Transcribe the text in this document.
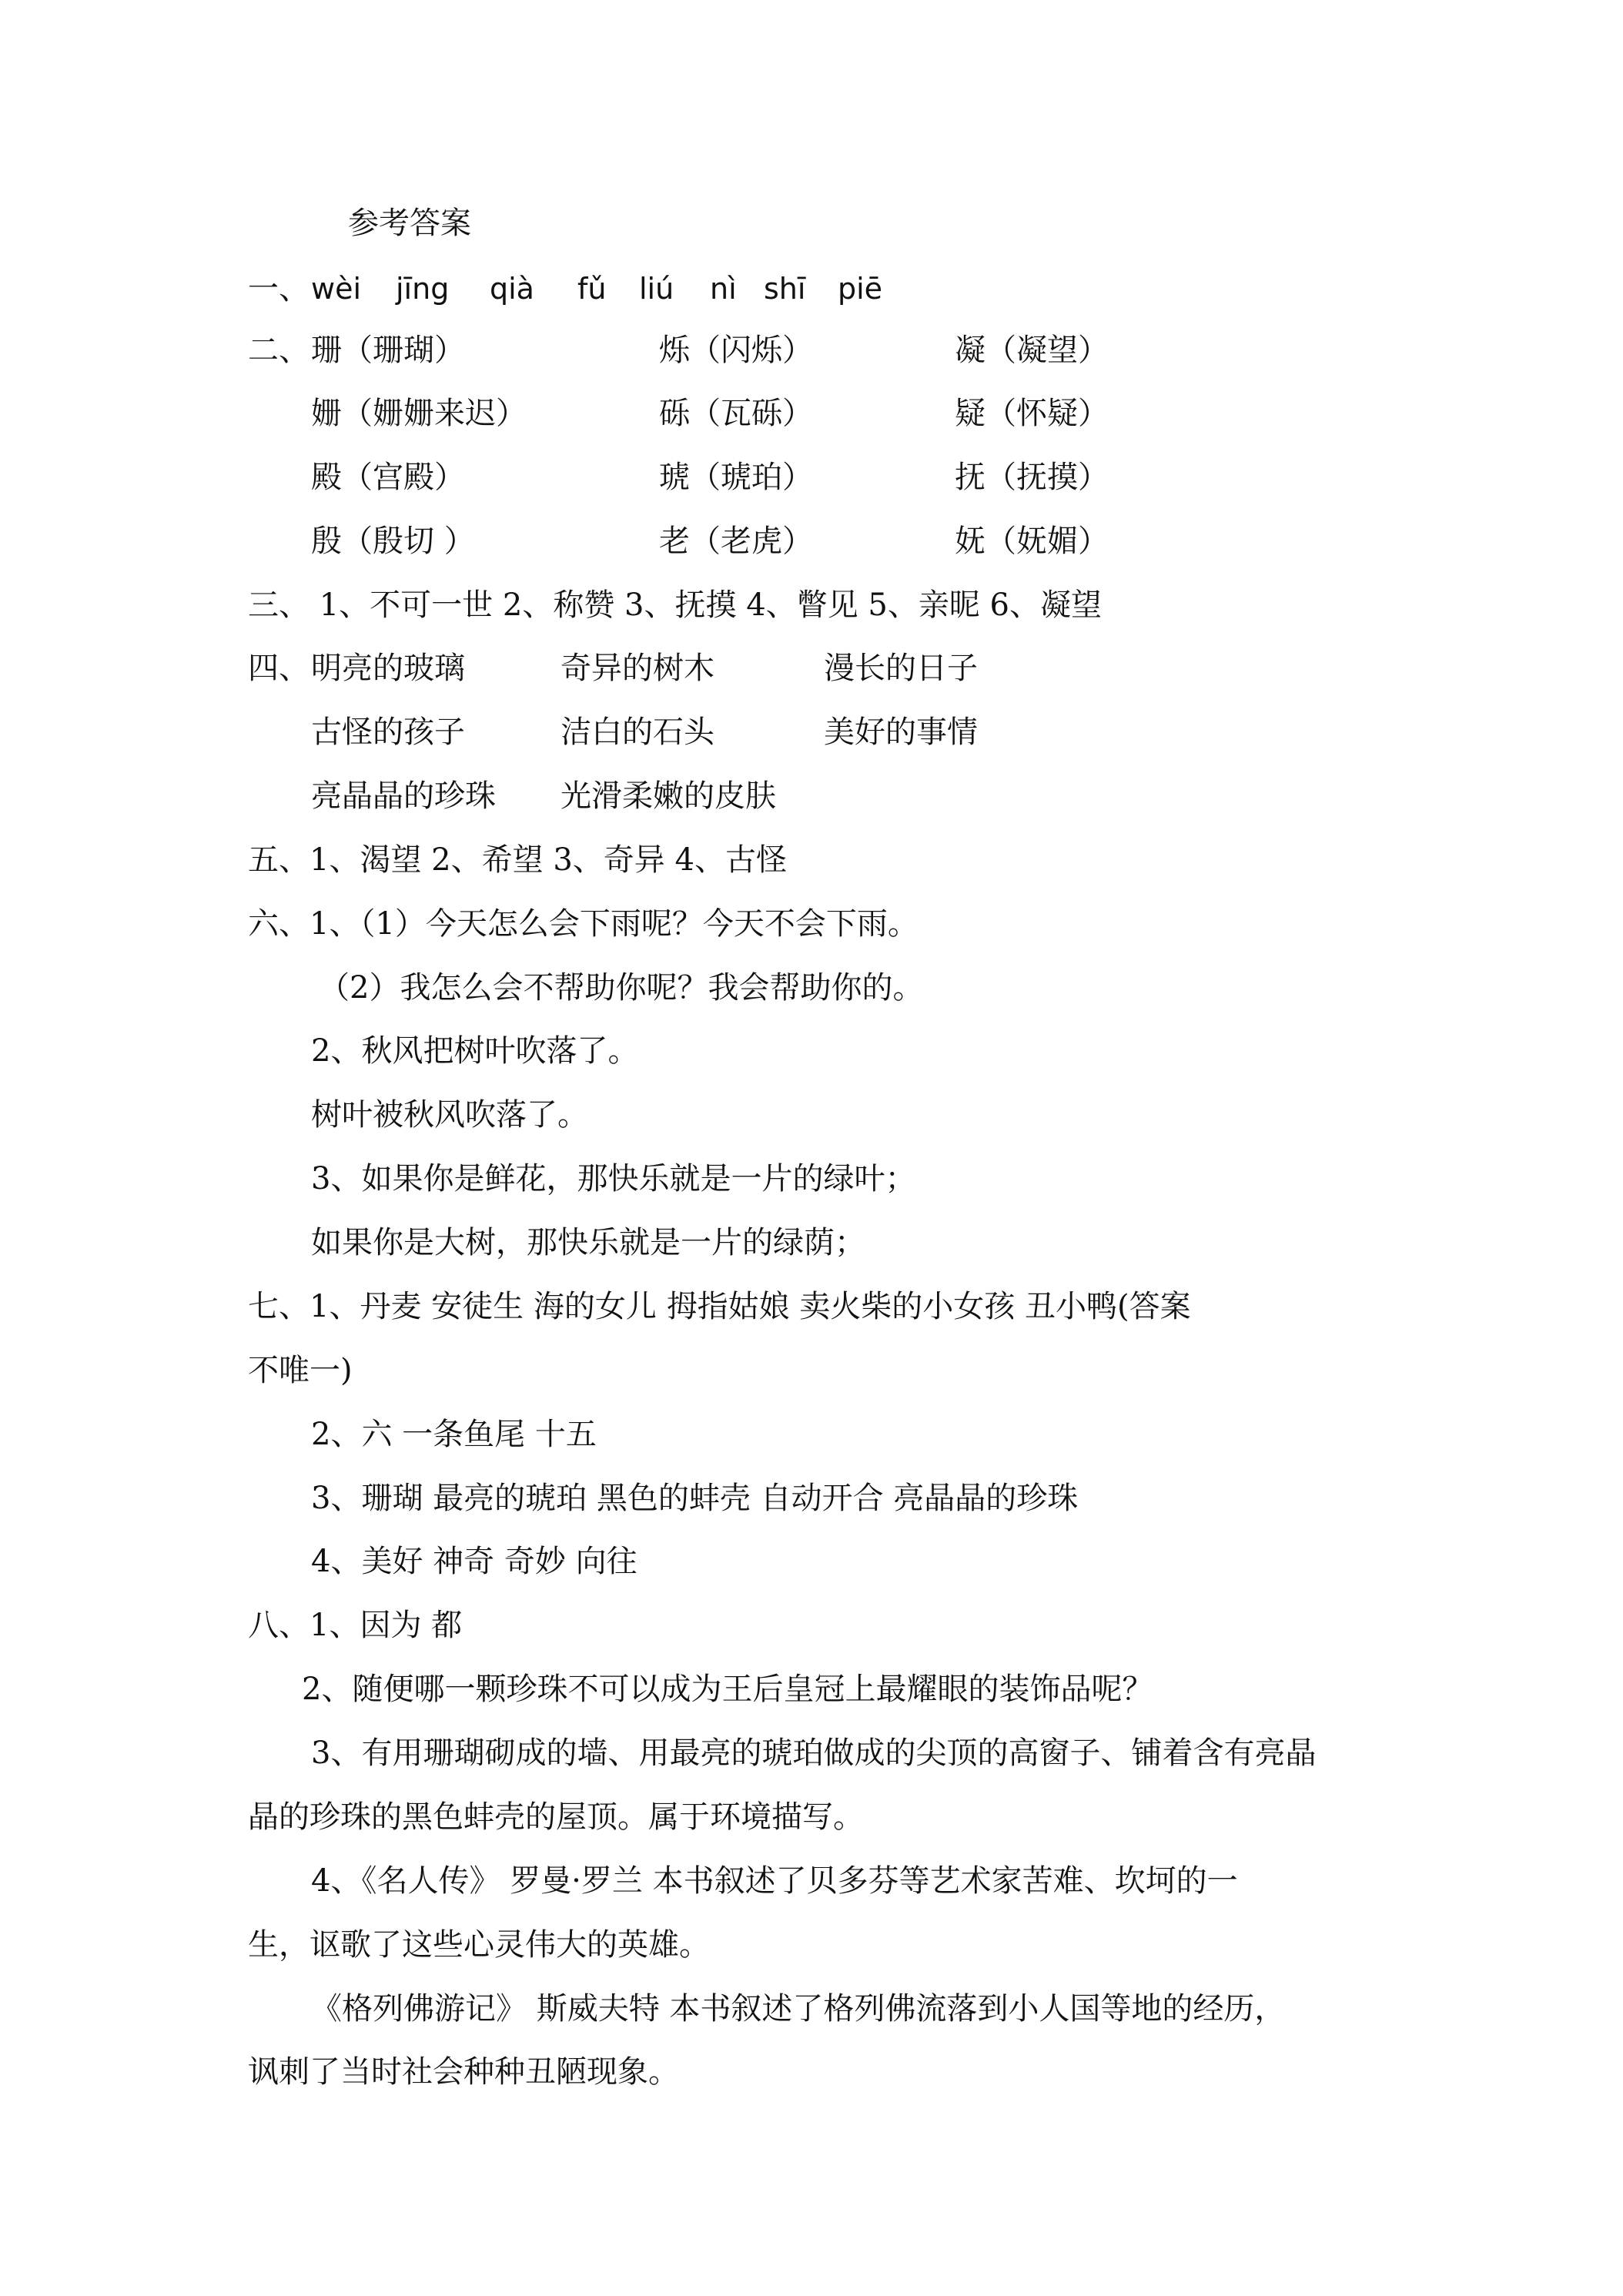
参考答案
一、 wèi jīng qià fǔ liú nì shī piē
二、 珊（珊瑚）	烁（闪烁）	凝（凝望）
姗（姗姗来迟）	砾（瓦砾）	疑（怀疑）
殿（宫殿）	琥（琥珀）	抚（抚摸）
殷（殷切 ）	老（老虎）	妩（妩媚）
三、 1、不可一世 2、称赞 3、抚摸 4、瞥见 5、亲昵 6、凝望
四、 明亮的玻璃	奇异的树木	漫长的日子
古怪的孩子	洁白的石头	美好的事情
亮晶晶的珍珠 光滑柔嫩的皮肤
五、1、渴望 2、希望 3、奇异 4、古怪
六、1、（1）今天怎么会下雨呢？今天不会下雨。
（2）我怎么会不帮助你呢？我会帮助你的。
2、秋风把树叶吹落了。
树叶被秋风吹落了。
3、如果你是鲜花，那快乐就是一片的绿叶；
如果你是大树，那快乐就是一片的绿荫；
七、1、丹麦 安徒生 海的女儿 拇指姑娘 卖火柴的小女孩 丑小鸭(答案
不唯一)
2、六 一条鱼尾 十五
3、珊瑚 最亮的琥珀 黑色的蚌壳 自动开合 亮晶晶的珍珠
4、美好 神奇 奇妙 向往
八、1、因为 都
2、随便哪一颗珍珠不可以成为王后皇冠上最耀眼的装饰品呢？
3、有用珊瑚砌成的墙、用最亮的琥珀做成的尖顶的高窗子、铺着含有亮晶
晶的珍珠的黑色蚌壳的屋顶。属于环境描写。
4、《名人传》 罗曼·罗兰 本书叙述了贝多芬等艺术家苦难、坎坷的一
生，讴歌了这些心灵伟大的英雄。
《格列佛游记》 斯威夫特 本书叙述了格列佛流落到小人国等地的经历，
讽刺了当时社会种种丑陋现象。
